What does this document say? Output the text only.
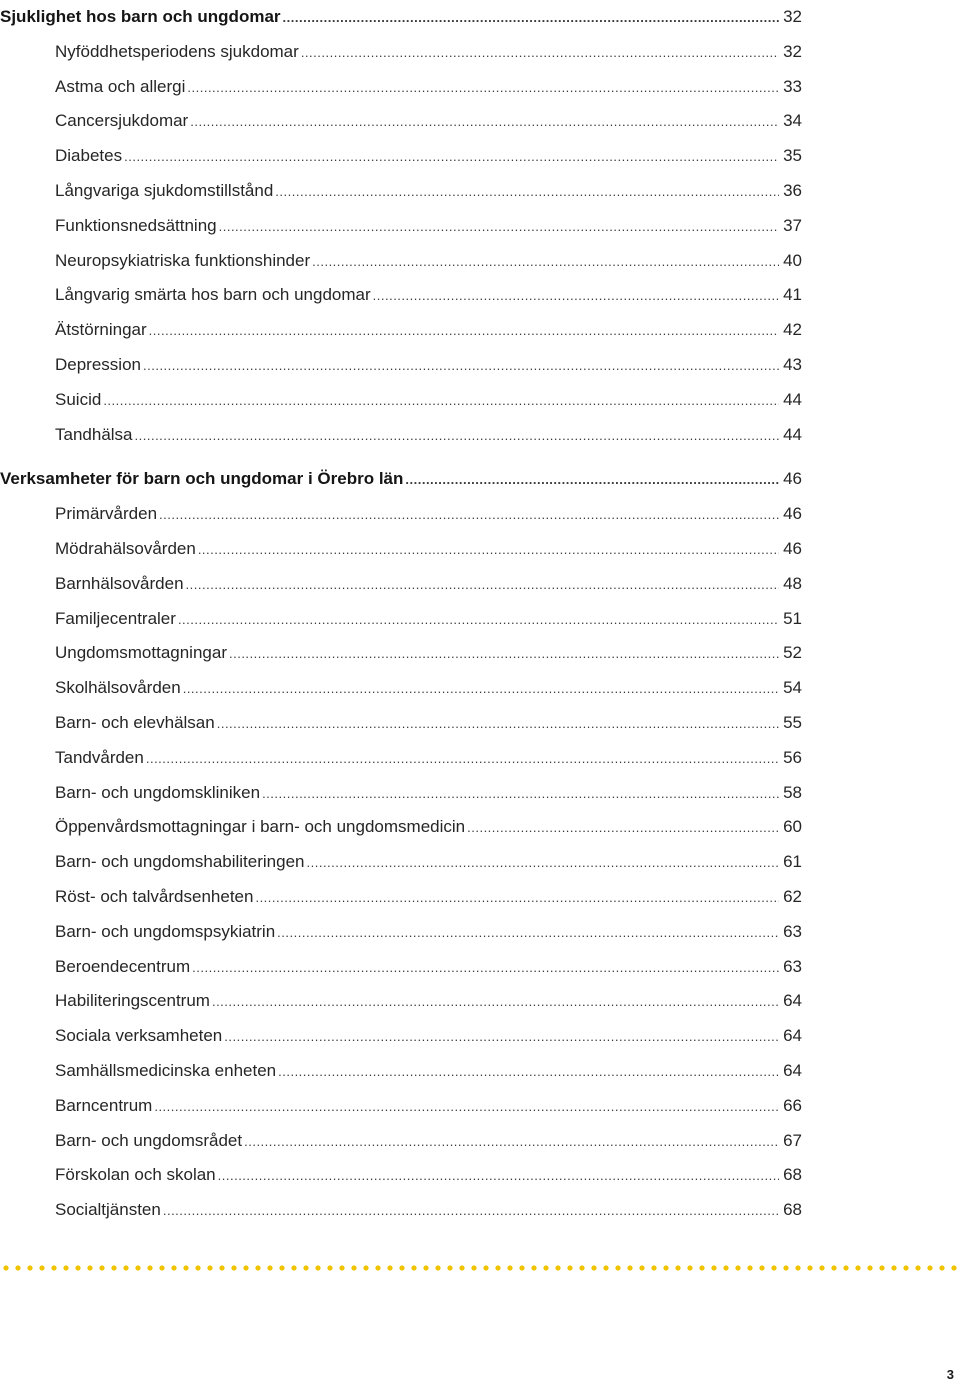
Sjuklighet hos barn och ungdomar .....	32
Nyföddhetsperiodens sjukdomar .....	32
Astma och allergi .....	33
Cancersjukdomar .....	34
Diabetes .....	35
Långvariga sjukdomstillstånd .....	36
Funktionsnedsättning .....	37
Neuropsykiatriska funktionshinder .....	40
Långvarig smärta hos barn och ungdomar .....	41
Ätstörningar .....	42
Depression .....	43
Suicid .....	44
Tandhälsa .....	44
Verksamheter för barn och ungdomar i Örebro län .....	46
Primärvården .....	46
Mödrahälsovården .....	46
Barnhälsovården .....	48
Familjecentraler .....	51
Ungdomsmottagningar .....	52
Skolhälsovården .....	54
Barn- och elevhälsan .....	55
Tandvården .....	56
Barn- och ungdomskliniken .....	58
Öppenvårdsmottagningar i barn- och ungdomsmedicin .....	60
Barn- och ungdomshabiliteringen .....	61
Röst- och talvårdsenheten .....	62
Barn- och ungdomspsykiatrin .....	63
Beroendecentrum .....	63
Habiliteringscentrum .....	64
Sociala verksamheten .....	64
Samhällsmedicinska enheten .....	64
Barncentrum .....	66
Barn- och ungdomsrådet .....	67
Förskolan och skolan .....	68
Socialtjänsten .....	68
3
